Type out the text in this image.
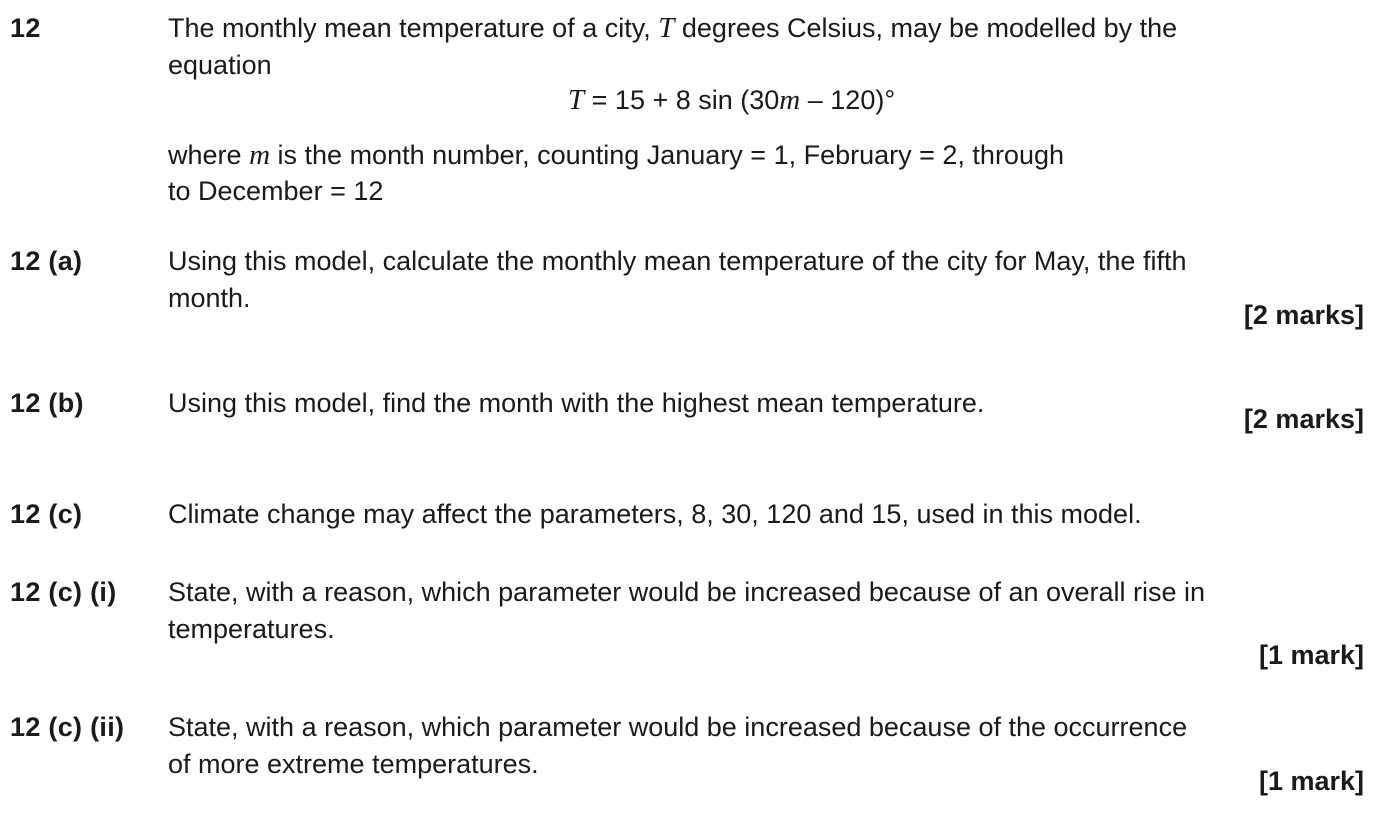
12	The monthly mean temperature of a city, T degrees Celsius, may be modelled by the
equation
T = 15 + 8 sin (30m – 120)°
where m is the month number, counting January = 1, February = 2, through
to December = 12
12 (a)	Using this model, calculate the monthly mean temperature of the city for May, the fifth
month.
[2 marks]
12 (b)	Using this model, find the month with the highest mean temperature.
[2 marks]
12 (c)	Climate change may affect the parameters, 8, 30, 120 and 15, used in this model.
12 (c) (i) State, with a reason, which parameter would be increased because of an overall rise in
temperatures.
[1 mark]
12 (c) (ii) State, with a reason, which parameter would be increased because of the occurrence
of more extreme temperatures.
[1 mark]
